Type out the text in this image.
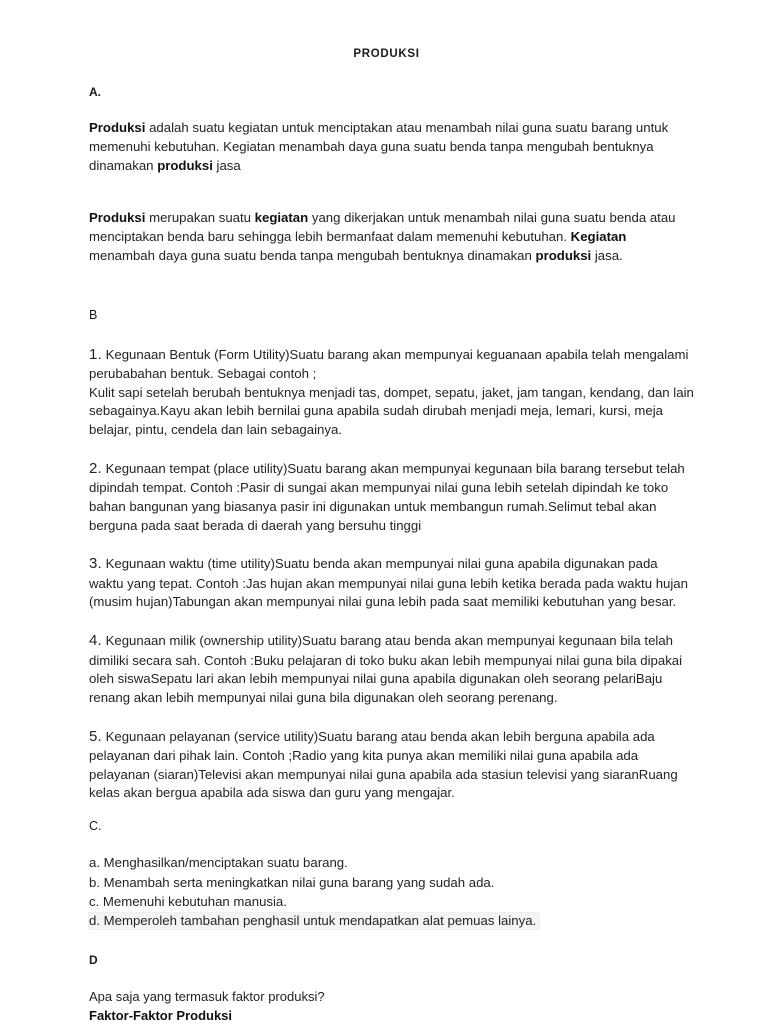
PRODUKSI
A.

Produksi adalah suatu kegiatan untuk menciptakan atau menambah nilai guna suatu barang untuk memenuhi kebutuhan. Kegiatan menambah daya guna suatu benda tanpa mengubah bentuknya dinamakan produksi jasa

Produksi merupakan suatu kegiatan yang dikerjakan untuk menambah nilai guna suatu benda atau menciptakan benda baru sehingga lebih bermanfaat dalam memenuhi kebutuhan. Kegiatan menambah daya guna suatu benda tanpa mengubah bentuknya dinamakan produksi jasa.

B

1. Kegunaan Bentuk (Form Utility)Suatu barang akan mempunyai keguanaan apabila telah mengalami perubabahan bentuk. Sebagai contoh ;
Kulit sapi setelah berubah bentuknya menjadi tas, dompet, sepatu, jaket, jam tangan, kendang, dan lain sebagainya.Kayu akan lebih bernilai guna apabila sudah dirubah menjadi meja, lemari, kursi, meja belajar, pintu, cendela dan lain sebagainya.

2. Kegunaan tempat (place utility)Suatu barang akan mempunyai kegunaan bila barang tersebut telah dipindah tempat. Contoh :Pasir di sungai akan mempunyai nilai guna lebih setelah dipindah ke toko bahan bangunan yang biasanya pasir ini digunakan untuk membangun rumah.Selimut tebal akan berguna pada saat berada di daerah yang bersuhu tinggi

3. Kegunaan waktu (time utility)Suatu benda akan mempunyai nilai guna apabila digunakan pada waktu yang tepat. Contoh :Jas hujan akan mempunyai nilai guna lebih ketika berada pada waktu hujan (musim hujan)Tabungan akan mempunyai nilai guna lebih pada saat memiliki kebutuhan yang besar.

4. Kegunaan milik (ownership utility)Suatu barang atau benda akan mempunyai kegunaan bila telah dimiliki secara sah. Contoh :Buku pelajaran di toko buku akan lebih mempunyai nilai guna bila dipakai oleh siswaSepatu lari akan lebih mempunyai nilai guna apabila digunakan oleh seorang pelariBaju renang akan lebih mempunyai nilai guna bila digunakan oleh seorang perenang.

5. Kegunaan pelayanan (service utility)Suatu barang atau benda akan lebih berguna apabila ada pelayanan dari pihak lain. Contoh ;Radio yang kita punya akan memiliki nilai guna apabila ada pelayanan (siaran)Televisi akan mempunyai nilai guna apabila ada stasiun televisi yang siaranRuang kelas akan bergua apabila ada siswa dan guru yang mengajar.

C.
a. Menghasilkan/menciptakan suatu barang.
b. Menambah serta meningkatkan nilai guna barang yang sudah ada.
c. Memenuhi kebutuhan manusia.
d. Memperoleh tambahan penghasil untuk mendapatkan alat pemuas lainya.
D

Apa saja yang termasuk faktor produksi?

Faktor-Faktor Produksi
